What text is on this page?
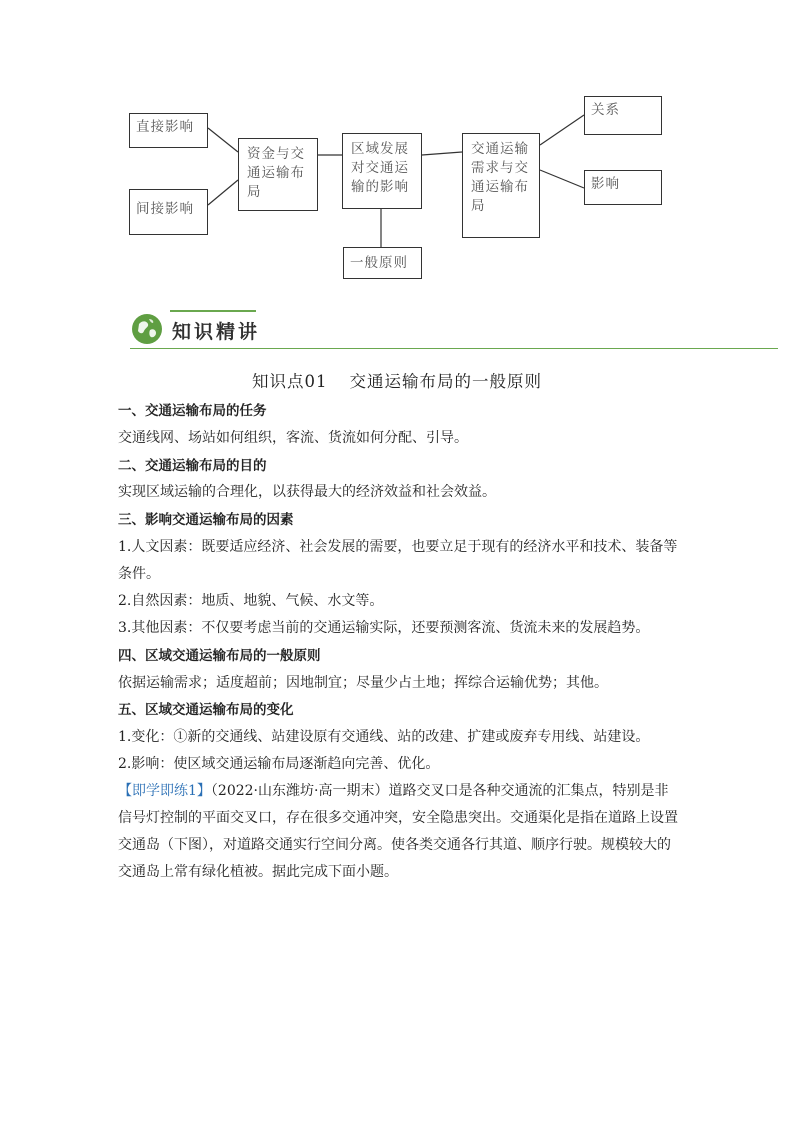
直接影响
间接影响
资金与交通运输布局
区域发展对交通运输的影响
交通运输需求与交通运输布局
一般原则
关系
影响
知识精讲
知识点01 交通运输布局的一般原则
一、交通运输布局的任务
交通线网、场站如何组织，客流、货流如何分配、引导。
二、交通运输布局的目的
实现区域运输的合理化，以获得最大的经济效益和社会效益。
三、影响交通运输布局的因素
1.人文因素：既要适应经济、社会发展的需要，也要立足于现有的经济水平和技术、装备等
条件。
2.自然因素：地质、地貌、气候、水文等。
3.其他因素：不仅要考虑当前的交通运输实际，还要预测客流、货流未来的发展趋势。
四、区域交通运输布局的一般原则
依据运输需求；适度超前；因地制宜；尽量少占土地；挥综合运输优势；其他。
五、区域交通运输布局的变化
1.变化：①新的交通线、站建设原有交通线、站的改建、扩建或废弃专用线、站建设。
2.影响：使区域交通运输布局逐渐趋向完善、优化。
【即学即练1】（2022·山东潍坊·高一期末）道路交叉口是各种交通流的汇集点，特别是非
信号灯控制的平面交叉口，存在很多交通冲突，安全隐患突出。交通渠化是指在道路上设置
交通岛（下图），对道路交通实行空间分离。使各类交通各行其道、顺序行驶。规模较大的
交通岛上常有绿化植被。据此完成下面小题。
